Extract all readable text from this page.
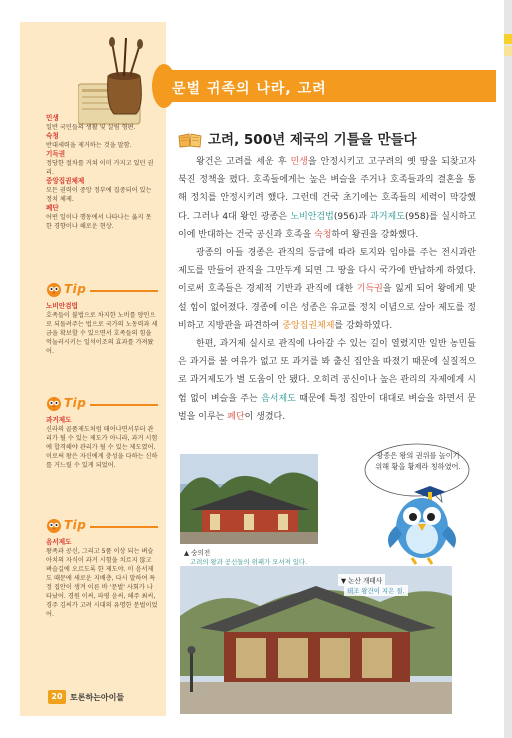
민생
일반 국민들의 생활 및 살림 형편.
숙청
반대세력을 제거하는 것을 말함.
기득권
정당한 절차를 거쳐 이미 가지고 있던 권리.
중앙집권체제
모든 권력이 중앙 정부에 집중되어 있는 정치 체제.
폐단
어떤 일이나 행동에서 나타나는 옳지 못한 경향이나 해로운 현상.
Tip
노비안검법
호족들이 불법으로 차지한 노비를 양인으로 되돌려주는 법으로 국가의 노동력과 세금을 확보할 수 있으면서 호족들의 힘을 억눌러시키는 일석이조의 효과를 가져왔어.
Tip
과거제도
신라의 골품제도처럼 태어나면서부터 관리가 될 수 있는 제도가 아니라, 과거 시험에 합격해야 관리가 될 수 있는 제도였어. 이로써 왕은 자신에게 충성을 다하는 신하를 거느릴 수 있게 되었어.
Tip
음서제도
왕족과 공신, 그리고 5품 이상 되는 벼슬아치의 자식이 과거 시험을 치르지 않고 벼슬길에 오르도록 한 제도야. 이 음서제도 때문에 새로운 지배층, 다시 말하여 특정 집안이 생겨 이른 바 '문벌' 사회가 나타났어. 경원 이씨, 파평 윤씨, 해주 최씨, 경주 김씨가 고려 시대의 유명한 문벌이었어.
20 토론하는아이들
문벌 귀족의 나라, 고려
고려, 500년 제국의 기틀을 만들다

왕건은 고려를 세운 후 민생을 안정시키고 고구려의 옛 땅을 되찾고자 북진 정책을 폈다. 호족들에게는 높은 벼슬을 주거나 호족들과의 결혼을 통해 정치를 안정시키려 했다. 그런데 건국 초기에는 호족들의 세력이 막강했다. 그러나 4대 왕인 광종은 노비안검법(956)과 과거제도(958)를 실시하고 이에 반대하는 건국 공신과 호족을 숙청하여 왕권을 강화했다.

광종의 아들 경종은 관직의 등급에 따라 토지와 임야를 주는 전시과란 제도를 만들어 관직을 그만두게 되면 그 땅을 다시 국가에 반납하게 하였다. 이로써 호족들은 경제적 기반과 관직에 대한 기득권을 잃게 되어 왕에게 맞설 힘이 없어졌다. 경종에 이은 성종은 유교를 정치 이념으로 삼아 제도를 정비하고 지방관을 파견하여 중앙집권체제를 강화하였다.

한편, 과거제 실시로 관직에 나아갈 수 있는 길이 열렸지만 일반 농민들은 과거를 볼 여유가 없고 또 과거를 봐 출신 집안을 따졌기 때문에 실질적으로 과거제도가 별 도움이 안 됐다. 오히려 공신이나 높은 관리의 자제에게 시험 없이 벼슬을 주는 음서제도 때문에 특정 집안이 대대로 벼슬을 하면서 문벌을 이루는 폐단이 생겼다.

▲ 숭의전
고려의 왕과 공신들의 위패가 모셔져 있다.
▼ 논산 개태사
태조 왕건이 지은 절.
광종은 왕의 권위를 높이기 위해 황을 황제라 칭하였어.
